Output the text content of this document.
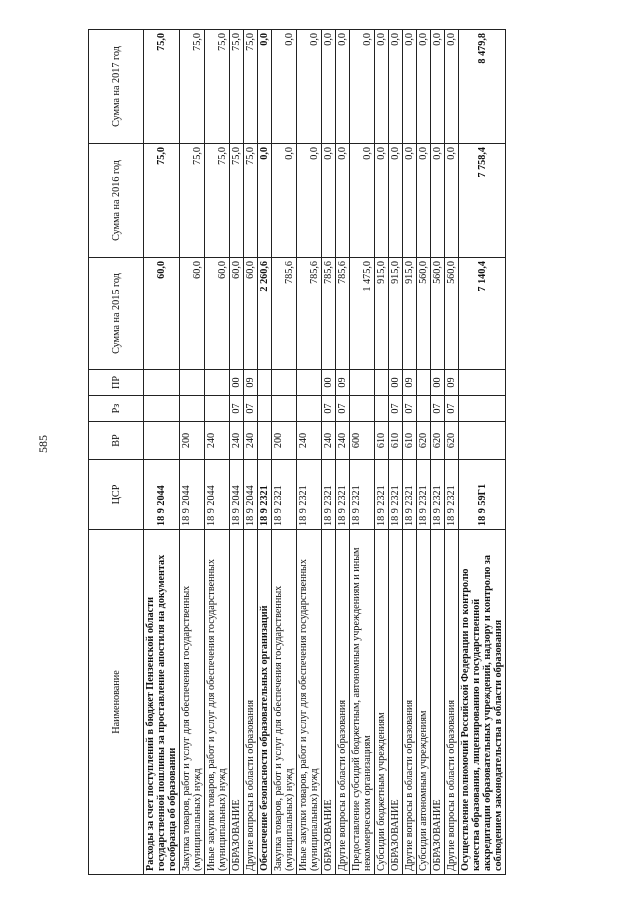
585
Наименование	ЦСР	ВР	Рз	ПР	Сумма на 2015 год	Сумма на 2016 год	Сумма на 2017 год
Расходы за счет поступлений в бюджет Пензенской области государственной пошлины за проставление апостиля на документах гособразца об образовании	18 9 2044				60,0	75,0	75,0
Закупка товаров, работ и услуг для обеспечения государственных (муниципальных) нужд	18 9 2044	200			60,0	75,0	75,0
Иные закупки товаров, работ и услуг для обеспечения государственных (муниципальных) нужд	18 9 2044	240			60,0	75,0	75,0
ОБРАЗОВАНИЕ	18 9 2044	240	07	00	60,0	75,0	75,0
Другие вопросы в области образования	18 9 2044	240	07	09	60,0	75,0	75,0
Обеспечение безопасности образовательных организаций	18 9 2321				2 260,6	0,0	0,0
Закупка товаров, работ и услуг для обеспечения государственных (муниципальных) нужд	18 9 2321	200			785,6	0,0	0,0
Иные закупки товаров, работ и услуг для обеспечения государственных (муниципальных) нужд	18 9 2321	240			785,6	0,0	0,0
ОБРАЗОВАНИЕ	18 9 2321	240	07	00	785,6	0,0	0,0
Другие вопросы в области образования	18 9 2321	240	07	09	785,6	0,0	0,0
Предоставление субсидий бюджетным, автономным учреждениям и иным некоммерческим организациям	18 9 2321	600			1 475,0	0,0	0,0
Субсидии бюджетным учреждениям	18 9 2321	610			915,0	0,0	0,0
ОБРАЗОВАНИЕ	18 9 2321	610	07	00	915,0	0,0	0,0
Другие вопросы в области образования	18 9 2321	610	07	09	915,0	0,0	0,0
Субсидии автономным учреждениям	18 9 2321	620			560,0	0,0	0,0
ОБРАЗОВАНИЕ	18 9 2321	620	07	00	560,0	0,0	0,0
Другие вопросы в области образования	18 9 2321	620	07	09	560,0	0,0	0,0
Осуществление полномочий Российской Федерации по контролю качества образования, лицензированию и государственной аккредитации образовательных учреждений, надзору и контролю за соблюдением законодательства в области образования	18 9 59Г1				7 140,4	7 758,4	8 479,8
